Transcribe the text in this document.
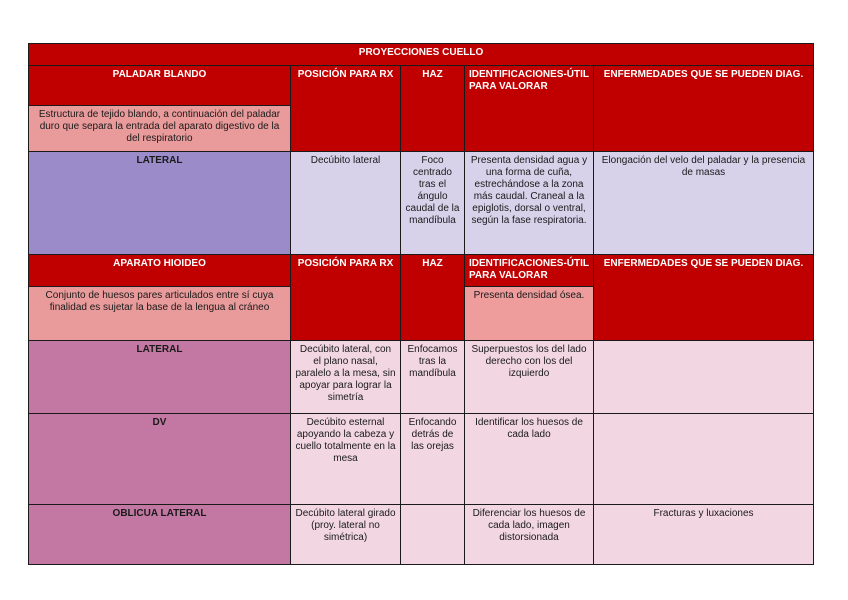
PROYECCIONES CUELLO				
PALADAR BLANDO	POSICIÓN PARA RX	HAZ	IDENTIFICACIONES-ÚTIL PARA VALORAR	ENFERMEDADES QUE SE PUEDEN DIAG.
Estructura de tejido blando, a continuación del paladar duro que separa la entrada del aparato digestivo de la del respiratorio				
LATERAL	Decúbito lateral	Foco centrado tras el ángulo caudal de la mandíbula	Presenta densidad agua y una forma de cuña, estrechándose a la zona más caudal. Craneal a la epiglotis, dorsal o ventral, según la fase respiratoria.	Elongación del velo del paladar y la presencia de masas
APARATO HIOIDEO	POSICIÓN PARA RX	HAZ	IDENTIFICACIONES-ÚTIL PARA VALORAR	ENFERMEDADES QUE SE PUEDEN DIAG.
Conjunto de huesos pares articulados entre sí cuya finalidad es sujetar la base de la lengua al cráneo			Presenta densidad ósea.	
LATERAL	Decúbito lateral, con el plano nasal, paralelo a la mesa, sin apoyar para lograr la simetría	Enfocamos tras la mandíbula	Superpuestos los del lado derecho con los del izquierdo	
DV	Decúbito esternal apoyando la cabeza y cuello totalmente en la mesa	Enfocando detrás de las orejas	Identificar los huesos de cada lado	
OBLICUA LATERAL	Decúbito lateral girado (proy. lateral no simétrica)		Diferenciar los huesos de cada lado, imagen distorsionada	Fracturas y luxaciones
